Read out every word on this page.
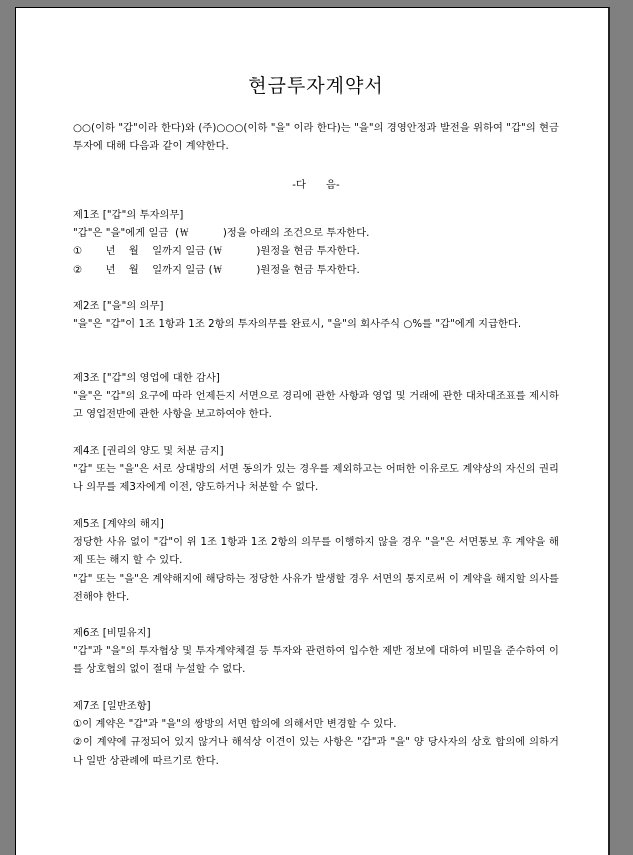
현금투자계약서

○○(이하 "갑"이라 한다)와 (주)○○○(이하 "을" 이라 한다)는 "을"의 경영안정과 발전을 위하여 "갑"의 현금투자에 대해 다음과 같이 계약한다.

-다      음-

제1조 ["갑"의 투자의무]

"갑"은 "을"에게 일금  (￦          )정을 아래의 조건으로 투자한다.

①       년    월    일까지 일금 (￦          )원정을 현금 투자한다.

②       년    월    일까지 일금 (￦          )원정을 현금 투자한다.

제2조 ["을"의 의무]

"을"은 "갑"이 1조 1항과 1조 2항의 투자의무를 완료시, "을"의 회사주식 ○%를 "갑"에게 지급한다.

제3조 ["갑"의 영업에 대한 감사]

"을"은 "갑"의 요구에 따라 언제든지 서면으로 경리에 관한 사항과 영업 및 거래에 관한 대차대조표를 제시하고 영업전반에 관한 사항을 보고하여야 한다.

제4조 [권리의 양도 및 처분 금지]

"갑" 또는 "을"은 서로 상대방의 서면 동의가 있는 경우를 제외하고는 어떠한 이유로도 계약상의 자신의 권리나 의무를 제3자에게 이전, 양도하거나 처분할 수 없다.

제5조 [계약의 해지]

정당한 사유 없이 "갑"이 위 1조 1항과 1조 2항의 의무를 이행하지 않을 경우 "을"은 서면통보 후 계약을 해제 또는 해지 할 수 있다.

"갑" 또는 "을"은 계약해지에 해당하는 정당한 사유가 발생할 경우 서면의 통지로써 이 계약을 해지할 의사를 전해야 한다.

제6조 [비밀유지]

"갑"과 "을"의 투자협상 및 투자계약체결 등 투자와 관련하여 입수한 제반 정보에 대하여 비밀을 준수하여 이를 상호협의 없이 절대 누설할 수 없다.

제7조 [일반조항]

①이 계약은 "갑"과 "을"의 쌍방의 서면 합의에 의해서만 변경할 수 있다.

②이 계약에 규정되어 있지 않거나 해석상 이견이 있는 사항은 "갑"과 "을" 양 당사자의 상호 합의에 의하거나 일반 상관례에 따르기로 한다.
